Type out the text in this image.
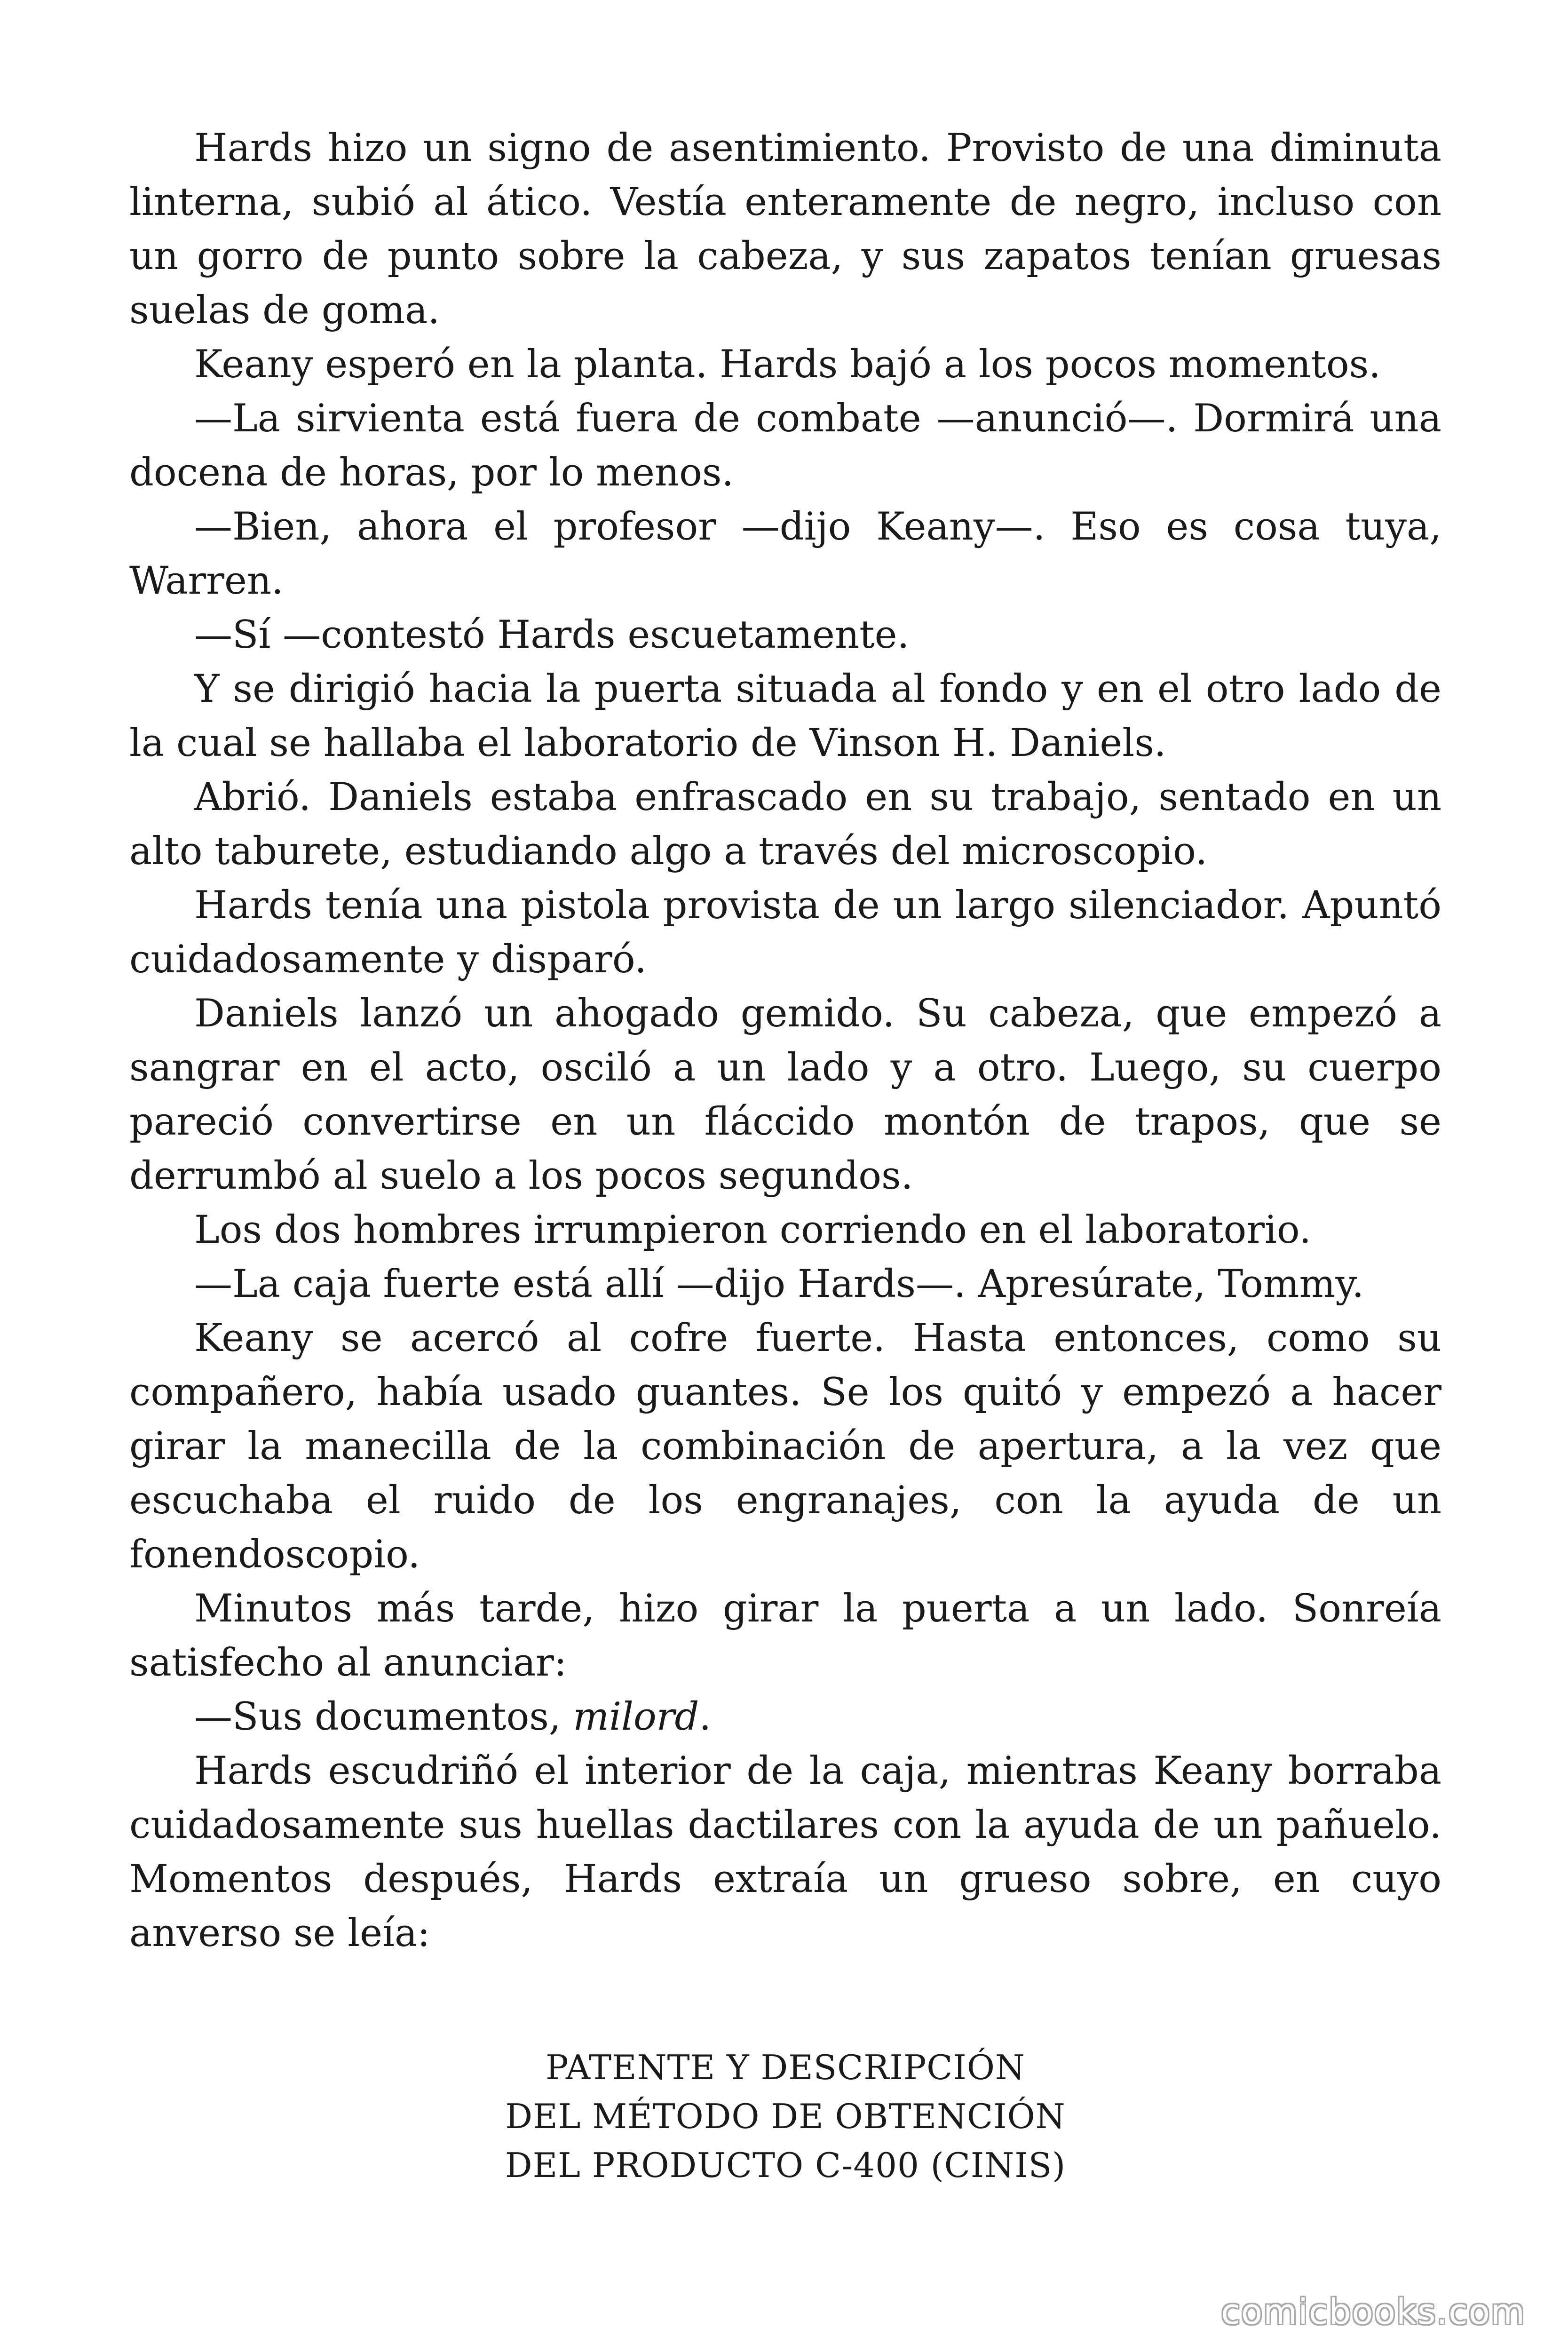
Hards hizo un signo de asentimiento. Provisto de una diminuta linterna, subió al ático. Vestía enteramente de negro, incluso con un gorro de punto sobre la cabeza, y sus zapatos tenían gruesas suelas de goma.

Keany esperó en la planta. Hards bajó a los pocos momentos.

—La sirvienta está fuera de combate —anunció—. Dormirá una docena de horas, por lo menos.

—Bien, ahora el profesor —dijo Keany—. Eso es cosa tuya, Warren.

—Sí —contestó Hards escuetamente.

Y se dirigió hacia la puerta situada al fondo y en el otro lado de la cual se hallaba el laboratorio de Vinson H. Daniels.

Abrió. Daniels estaba enfrascado en su trabajo, sentado en un alto taburete, estudiando algo a través del microscopio.

Hards tenía una pistola provista de un largo silenciador. Apuntó cuidadosamente y disparó.

Daniels lanzó un ahogado gemido. Su cabeza, que empezó a sangrar en el acto, osciló a un lado y a otro. Luego, su cuerpo pareció convertirse en un fláccido montón de trapos, que se derrumbó al suelo a los pocos segundos.

Los dos hombres irrumpieron corriendo en el laboratorio.

—La caja fuerte está allí —dijo Hards—. Apresúrate, Tommy.

Keany se acercó al cofre fuerte. Hasta entonces, como su compañero, había usado guantes. Se los quitó y empezó a hacer girar la manecilla de la combinación de apertura, a la vez que escuchaba el ruido de los engranajes, con la ayuda de un fonendoscopio.

Minutos más tarde, hizo girar la puerta a un lado. Sonreía satisfecho al anunciar:

—Sus documentos, milord.

Hards escudriñó el interior de la caja, mientras Keany borraba cuidadosamente sus huellas dactilares con la ayuda de un pañuelo. Momentos después, Hards extraía un grueso sobre, en cuyo anverso se leía:

PATENTE Y DESCRIPCIÓN
DEL MÉTODO DE OBTENCIÓN
DEL PRODUCTO C-400 (CINIS)
comicbooks.com
